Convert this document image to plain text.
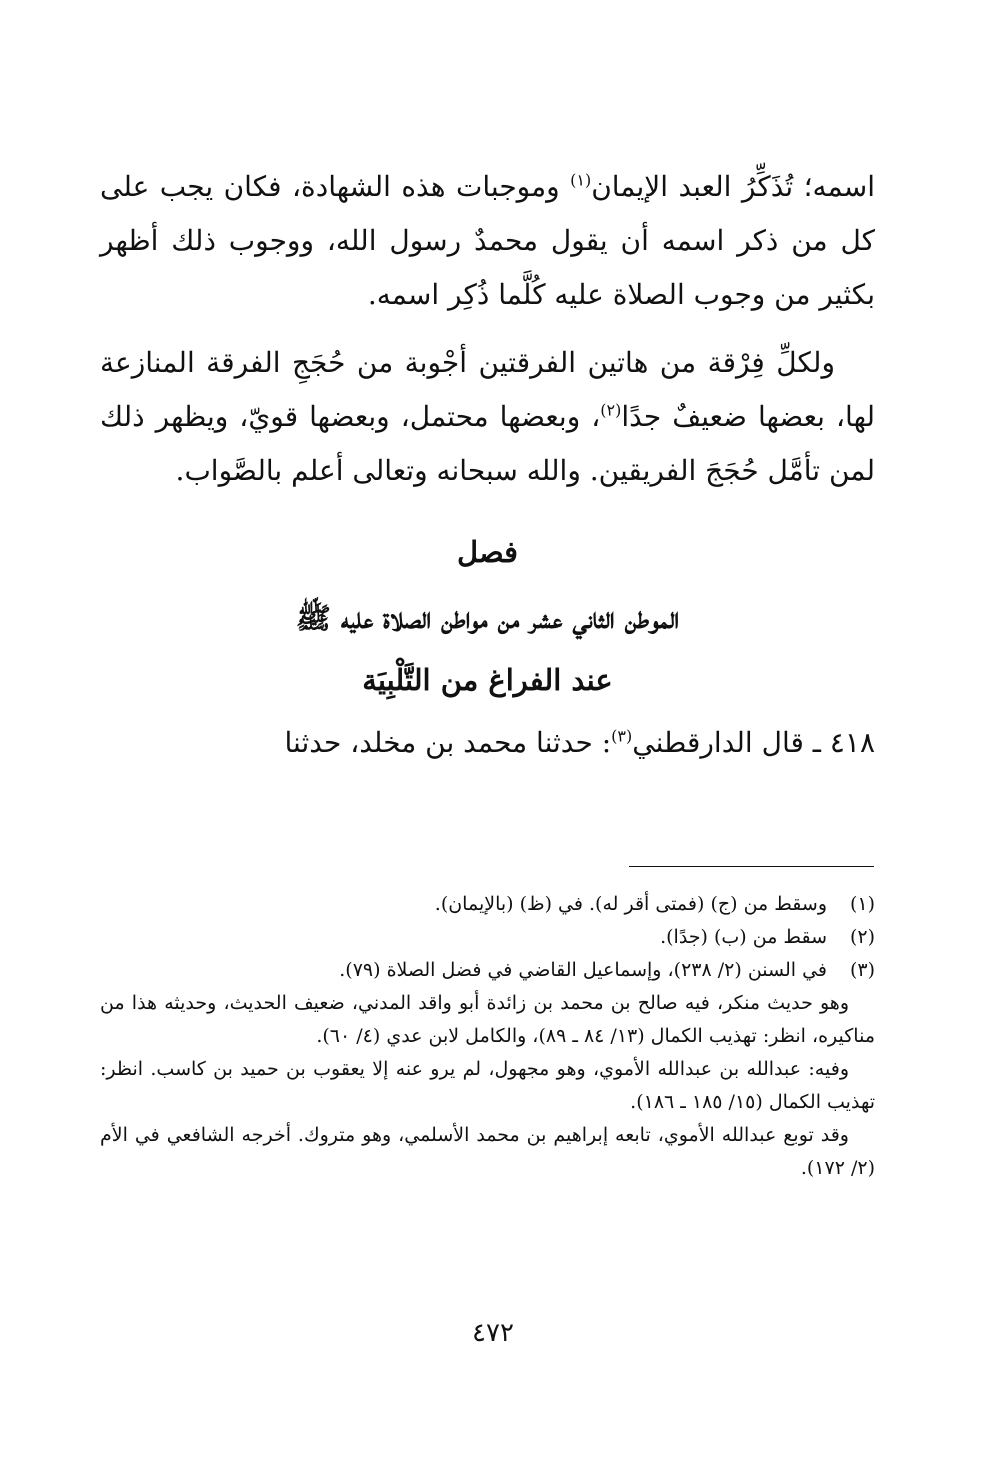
اسمه؛ تُذَكِّرُ العبد الإيمان$^{(١)}$ وموجبات هذه الشهادة، فكان يجب على كل من ذكر اسمه أن يقول محمدٌ رسول الله، ووجوب ذلك أظهر بكثير من وجوب الصلاة عليه كُلَّما ذُكِر اسمه.

ولكلِّ فِرْقة من هاتين الفرقتين أجْوبة من حُجَجِ الفرقة المنازعة لها، بعضها ضعيفٌ جدًا$^{(٢)}$، وبعضها محتمل، وبعضها قويّ، ويظهر ذلك لمن تأمَّل حُجَجَ الفريقين. والله سبحانه وتعالى أعلم بالصَّواب.

فصل

الموطن الثاني عشر من مواطن الصلاة عليه ﷺ

عند الفراغ من التَّلْبِيَة

٤١٨ ـ قال الدارقطني$^{(٣)}$: حدثنا محمد بن مخلد، حدثنا

(١)
وسقط من (ج) (فمتى أقر له). في (ظ) (بالإيمان).
(٢)
سقط من (ب) (جدًا).
(٣)
في السنن (٢/ ٢٣٨)، وإسماعيل القاضي في فضل الصلاة (٧٩).

وهو حديث منكر، فيه صالح بن محمد بن زائدة أبو واقد المدني، ضعيف الحديث، وحديثه هذا من مناكيره، انظر: تهذيب الكمال (١٣/ ٨٤ ـ ٨٩)، والكامل لابن عدي (٤/ ٦٠).

وفيه: عبدالله بن عبدالله الأموي، وهو مجهول، لم يرو عنه إلا يعقوب بن حميد بن كاسب. انظر: تهذيب الكمال (١٥/ ١٨٥ ـ ١٨٦).

وقد توبع عبدالله الأموي، تابعه إبراهيم بن محمد الأسلمي، وهو متروك. أخرجه الشافعي في الأم (٢/ ١٧٢).

٤٧٢
